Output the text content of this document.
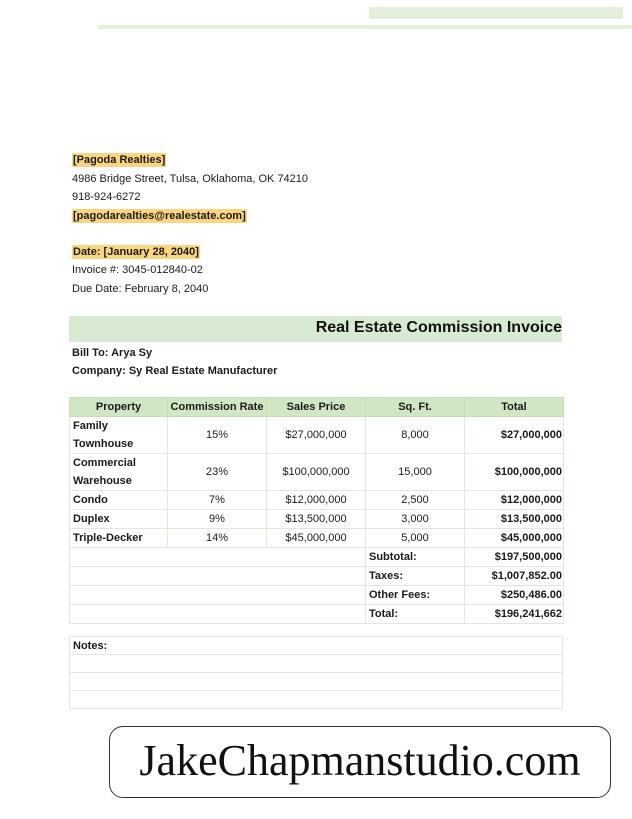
[Pagoda Realties]
4986 Bridge Street, Tulsa, Oklahoma, OK 74210
918-924-6272
[pagodarealties@realestate.com]
Date: [January 28, 2040]
Invoice #: 3045-012840-02
Due Date: February 8, 2040
Real Estate Commission Invoice
Bill To: Arya Sy
Company: Sy Real Estate Manufacturer
Property	Commission Rate	Sales Price	Sq. Ft.	Total
Family Townhouse	15%	$27,000,000	8,000	$27,000,000
Commercial Warehouse	23%	$100,000,000	15,000	$100,000,000
Condo	7%	$12,000,000	2,500	$12,000,000
Duplex	9%	$13,500,000	3,000	$13,500,000
Triple-Decker	14%	$45,000,000	5,000	$45,000,000
			Subtotal:	$197,500,000
			Taxes:	$1,007,852.00
			Other Fees:	$250,486.00
			Total:	$196,241,662
Notes:

JakeChapmanstudio.com
